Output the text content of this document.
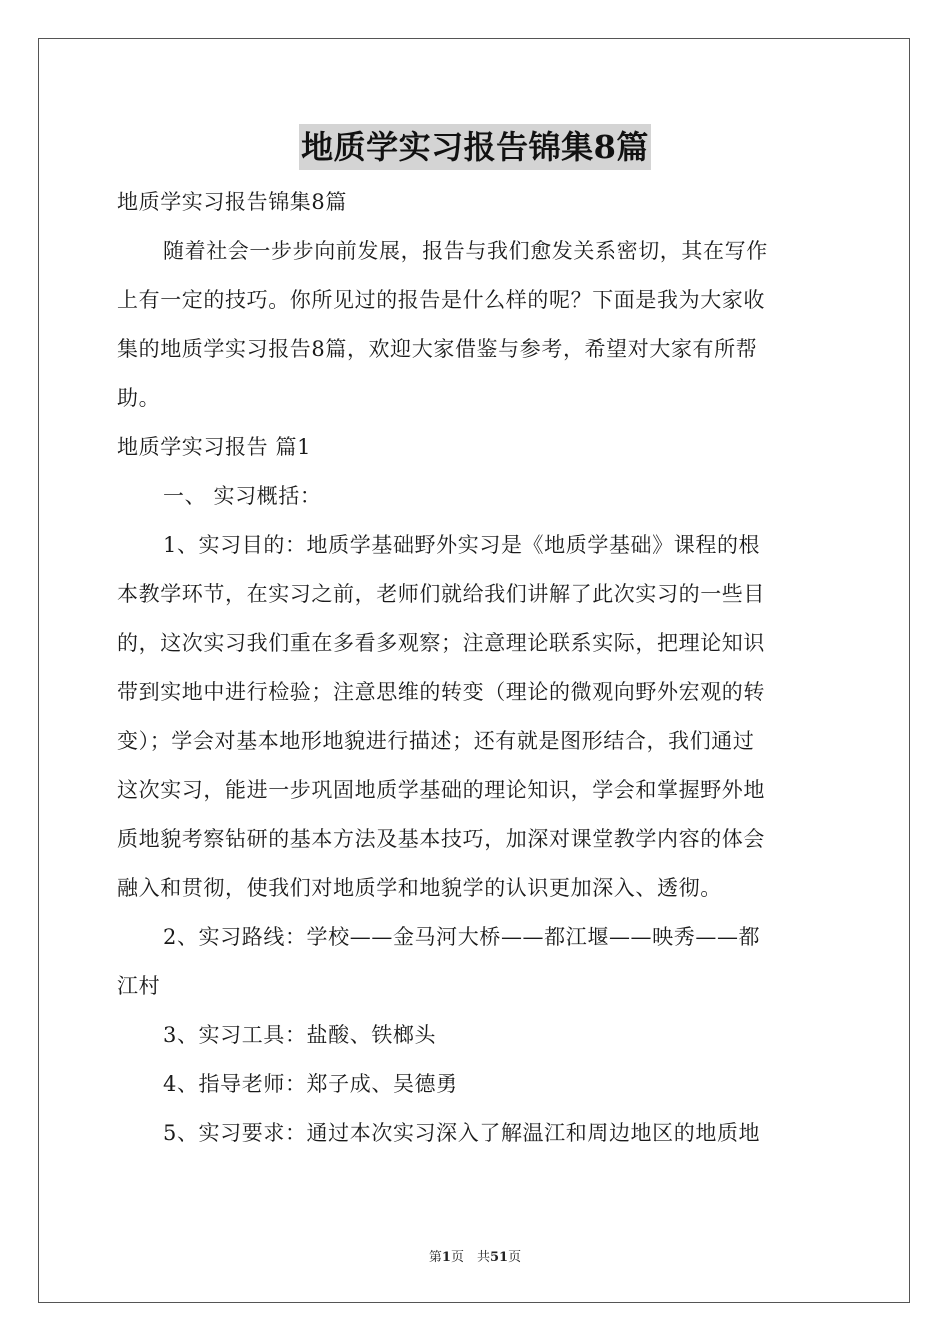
地质学实习报告锦集8篇
地质学实习报告锦集8篇
随着社会一步步向前发展，报告与我们愈发关系密切，其在写作
上有一定的技巧。你所见过的报告是什么样的呢？下面是我为大家收
集的地质学实习报告8篇，欢迎大家借鉴与参考，希望对大家有所帮
助。
地质学实习报告 篇1
一、 实习概括：
1、实习目的：地质学基础野外实习是《地质学基础》课程的根
本教学环节，在实习之前，老师们就给我们讲解了此次实习的一些目
的，这次实习我们重在多看多观察；注意理论联系实际，把理论知识
带到实地中进行检验；注意思维的转变（理论的微观向野外宏观的转
变）；学会对基本地形地貌进行描述；还有就是图形结合，我们通过
这次实习，能进一步巩固地质学基础的理论知识，学会和掌握野外地
质地貌考察钻研的基本方法及基本技巧，加深对课堂教学内容的体会
融入和贯彻，使我们对地质学和地貌学的认识更加深入、透彻。
2、实习路线：学校——金马河大桥——都江堰——映秀——都
江村
3、实习工具：盐酸、铁榔头
4、指导老师：郑子成、吴德勇
5、实习要求：通过本次实习深入了解温江和周边地区的地质地
第1页　共51页
